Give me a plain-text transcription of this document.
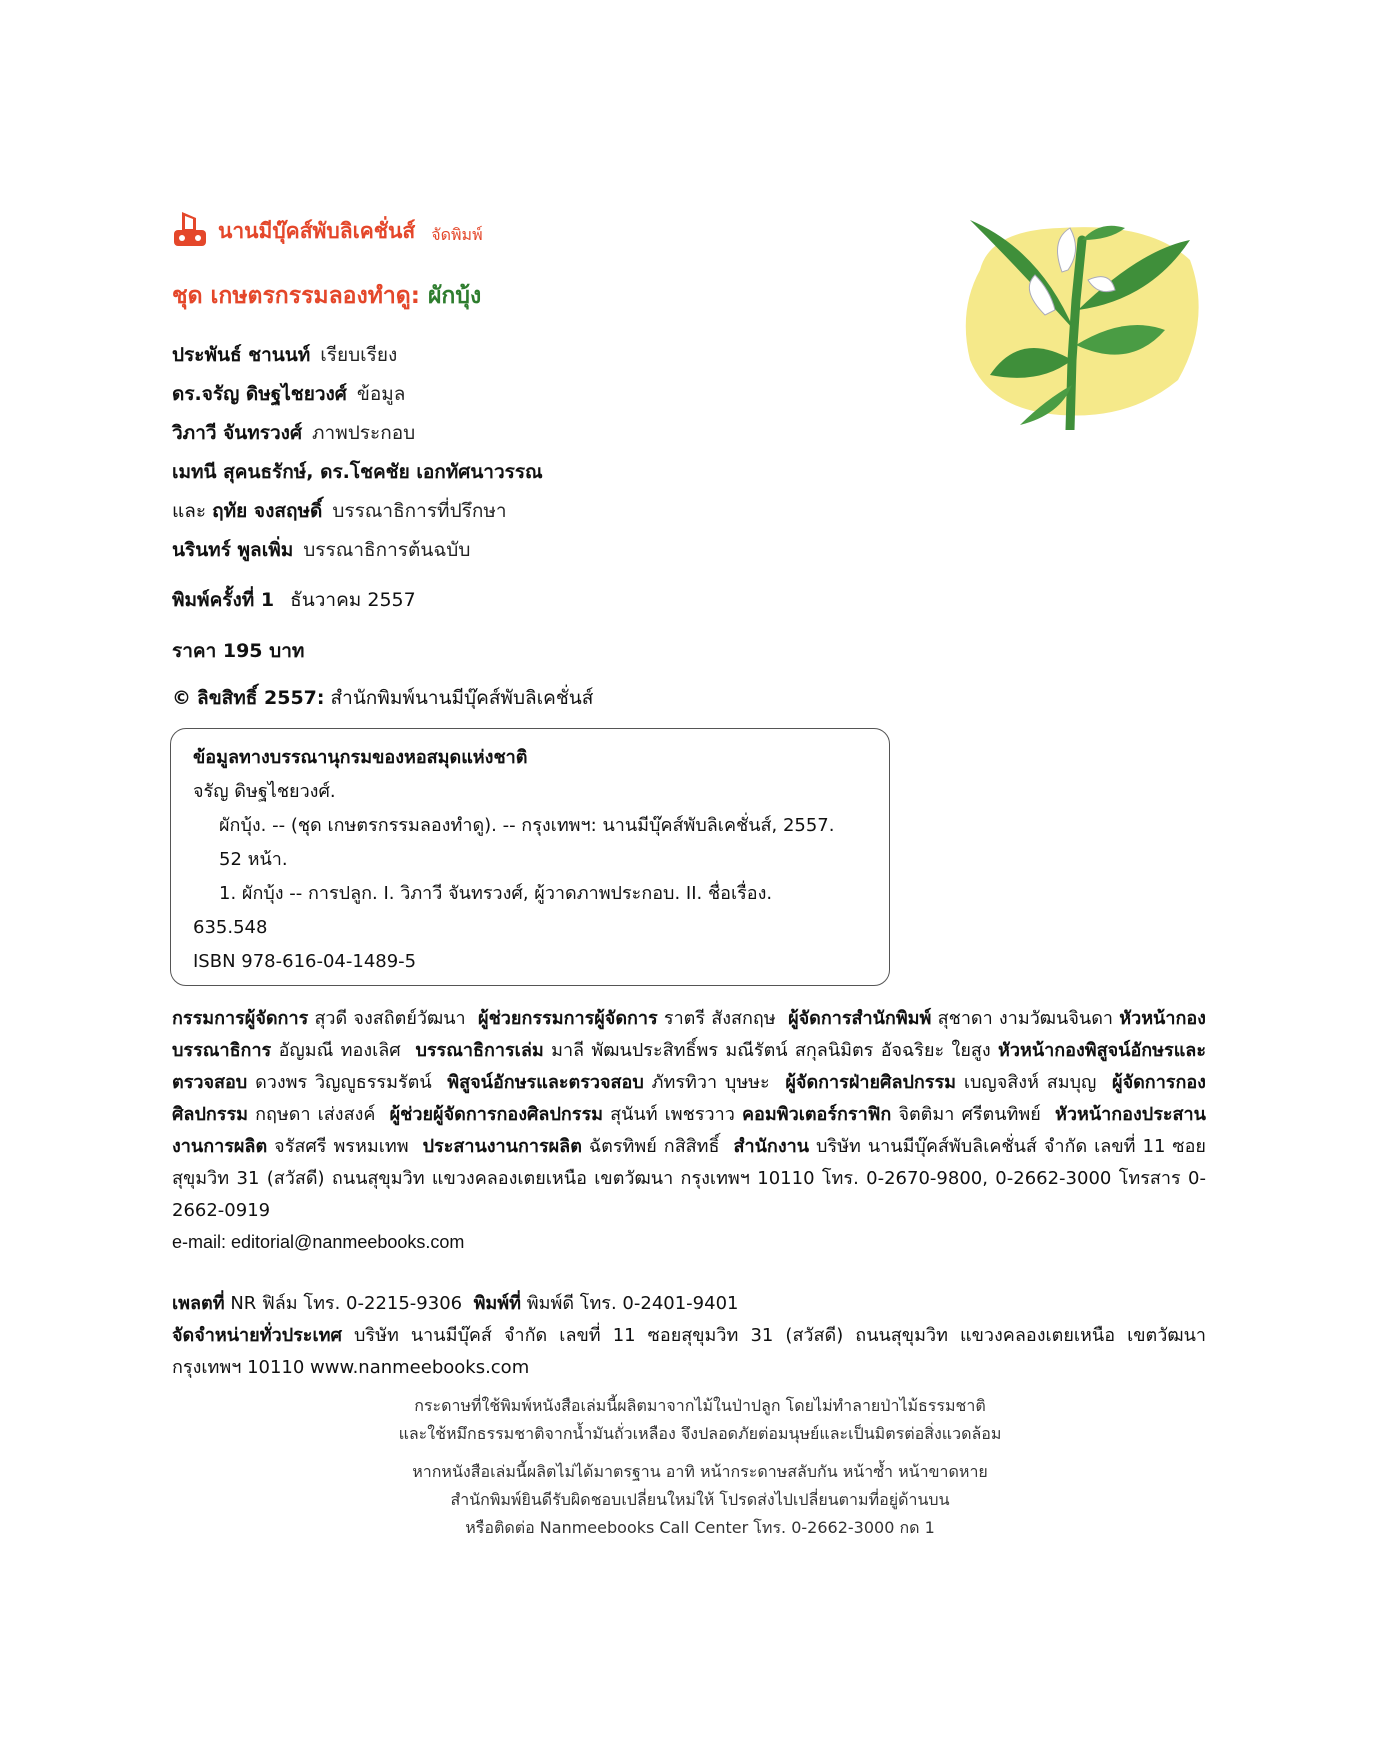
นานมีบุ๊คส์พับลิเคชั่นส์ จัดพิมพ์
ชุด เกษตรกรรมลองทำดู: ผักบุ้ง
ประพันธ์ ชานนท์ เรียบเรียง
ดร.จรัญ ดิษฐไชยวงศ์ ข้อมูล
วิภาวี จันทรวงศ์ ภาพประกอบ
เมทนี สุคนธรักษ์, ดร.โชคชัย เอกทัศนาวรรณ
และ ฤทัย จงสฤษดิ์ บรรณาธิการที่ปรึกษา
นรินทร์ พูลเพิ่ม บรรณาธิการต้นฉบับ
พิมพ์ครั้งที่ 1 ธันวาคม 2557
ราคา 195 บาท
© ลิขสิทธิ์ 2557: สำนักพิมพ์นานมีบุ๊คส์พับลิเคชั่นส์
ข้อมูลทางบรรณานุกรมของหอสมุดแห่งชาติ
จรัญ ดิษฐไชยวงศ์.
ผักบุ้ง. -- (ชุด เกษตรกรรมลองทำดู). -- กรุงเทพฯ: นานมีบุ๊คส์พับลิเคชั่นส์, 2557.
52 หน้า.
1. ผักบุ้ง -- การปลูก. I. วิภาวี จันทรวงศ์, ผู้วาดภาพประกอบ. II. ชื่อเรื่อง.
635.548
ISBN 978-616-04-1489-5
กรรมการผู้จัดการ สุวดี จงสถิตย์วัฒนา ผู้ช่วยกรรมการผู้จัดการ ราตรี สังสกฤษ ผู้จัดการสำนักพิมพ์ สุชาดา งามวัฒนจินดา หัวหน้ากองบรรณาธิการ อัญมณี ทองเลิศ บรรณาธิการเล่ม มาลี พัฒนประสิทธิ์พร มณีรัตน์ สกุลนิมิตร อัจฉริยะ ใยสูง หัวหน้ากองพิสูจน์อักษรและตรวจสอบ ดวงพร วิญญูธรรมรัตน์ พิสูจน์อักษรและตรวจสอบ ภัทรทิวา บุษษะ ผู้จัดการฝ่ายศิลปกรรม เบญจสิงห์ สมบุญ ผู้จัดการกองศิลปกรรม กฤษดา เส่งสงค์ ผู้ช่วยผู้จัดการกองศิลปกรรม สุนันท์ เพชรวาว คอมพิวเตอร์กราฟิก จิตติมา ศรีตนทิพย์ หัวหน้ากองประสานงานการผลิต จรัสศรี พรหมเทพ ประสานงานการผลิต ฉัตรทิพย์ กสิสิทธิ์ สำนักงาน บริษัท นานมีบุ๊คส์พับลิเคชั่นส์ จำกัด เลขที่ 11 ซอยสุขุมวิท 31 (สวัสดี) ถนนสุขุมวิท แขวงคลองเตยเหนือ เขตวัฒนา กรุงเทพฯ 10110 โทร. 0-2670-9800, 0-2662-3000 โทรสาร 0-2662-0919
e-mail: editorial@nanmeebooks.com
เพลตที่ NR ฟิล์ม โทร. 0-2215-9306 พิมพ์ที่ พิมพ์ดี โทร. 0-2401-9401
จัดจำหน่ายทั่วประเทศ บริษัท นานมีบุ๊คส์ จำกัด เลขที่ 11 ซอยสุขุมวิท 31 (สวัสดี) ถนนสุขุมวิท แขวงคลองเตยเหนือ เขตวัฒนา กรุงเทพฯ 10110 www.nanmeebooks.com
กระดาษที่ใช้พิมพ์หนังสือเล่มนี้ผลิตมาจากไม้ในป่าปลูก โดยไม่ทำลายป่าไม้ธรรมชาติ
และใช้หมึกธรรมชาติจากน้ำมันถั่วเหลือง จึงปลอดภัยต่อมนุษย์และเป็นมิตรต่อสิ่งแวดล้อม
หากหนังสือเล่มนี้ผลิตไม่ได้มาตรฐาน อาทิ หน้ากระดาษสลับกัน หน้าซ้ำ หน้าขาดหาย
สำนักพิมพ์ยินดีรับผิดชอบเปลี่ยนใหม่ให้ โปรดส่งไปเปลี่ยนตามที่อยู่ด้านบน
หรือติดต่อ Nanmeebooks Call Center โทร. 0-2662-3000 กด 1
